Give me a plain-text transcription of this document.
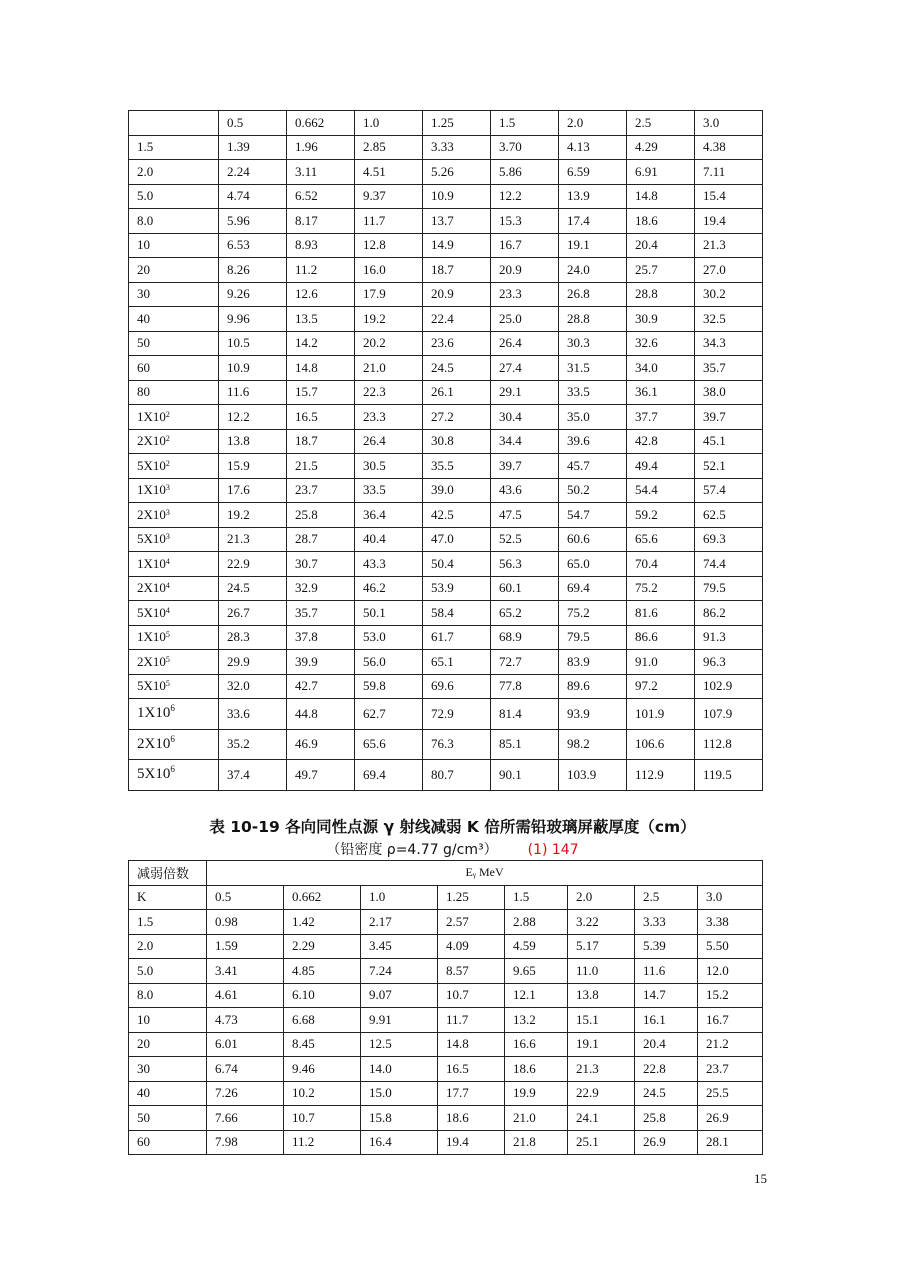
	0.5	0.662	1.0	1.25	1.5	2.0	2.5	3.0
1.5	1.39	1.96	2.85	3.33	3.70	4.13	4.29	4.38
2.0	2.24	3.11	4.51	5.26	5.86	6.59	6.91	7.11
5.0	4.74	6.52	9.37	10.9	12.2	13.9	14.8	15.4
8.0	5.96	8.17	11.7	13.7	15.3	17.4	18.6	19.4
10	6.53	8.93	12.8	14.9	16.7	19.1	20.4	21.3
20	8.26	11.2	16.0	18.7	20.9	24.0	25.7	27.0
30	9.26	12.6	17.9	20.9	23.3	26.8	28.8	30.2
40	9.96	13.5	19.2	22.4	25.0	28.8	30.9	32.5
50	10.5	14.2	20.2	23.6	26.4	30.3	32.6	34.3
60	10.9	14.8	21.0	24.5	27.4	31.5	34.0	35.7
80	11.6	15.7	22.3	26.1	29.1	33.5	36.1	38.0
$1X10^2$	12.2	16.5	23.3	27.2	30.4	35.0	37.7	39.7
$2X10^2$	13.8	18.7	26.4	30.8	34.4	39.6	42.8	45.1
$5X10^2$	15.9	21.5	30.5	35.5	39.7	45.7	49.4	52.1
$1X10^3$	17.6	23.7	33.5	39.0	43.6	50.2	54.4	57.4
$2X10^3$	19.2	25.8	36.4	42.5	47.5	54.7	59.2	62.5
$5X10^3$	21.3	28.7	40.4	47.0	52.5	60.6	65.6	69.3
$1X10^4$	22.9	30.7	43.3	50.4	56.3	65.0	70.4	74.4
$2X10^4$	24.5	32.9	46.2	53.9	60.1	69.4	75.2	79.5
$5X10^4$	26.7	35.7	50.1	58.4	65.2	75.2	81.6	86.2
$1X10^5$	28.3	37.8	53.0	61.7	68.9	79.5	86.6	91.3
$2X10^5$	29.9	39.9	56.0	65.1	72.7	83.9	91.0	96.3
$5X10^5$	32.0	42.7	59.8	69.6	77.8	89.6	97.2	102.9
$1X10^6$	33.6	44.8	62.7	72.9	81.4	93.9	101.9	107.9
$2X10^6$	35.2	46.9	65.6	76.3	85.1	98.2	106.6	112.8
$5X10^6$	37.4	49.7	69.4	80.7	90.1	103.9	112.9	119.5
表 10-19 各向同性点源 γ 射线减弱 K 倍所需铅玻璃屏蔽厚度（cm）
（铅密度 ρ=4.77 g/cm³） (1) 147
减弱倍数	Eᵧ MeV							
K	0.5	0.662	1.0	1.25	1.5	2.0	2.5	3.0
1.5	0.98	1.42	2.17	2.57	2.88	3.22	3.33	3.38
2.0	1.59	2.29	3.45	4.09	4.59	5.17	5.39	5.50
5.0	3.41	4.85	7.24	8.57	9.65	11.0	11.6	12.0
8.0	4.61	6.10	9.07	10.7	12.1	13.8	14.7	15.2
10	4.73	6.68	9.91	11.7	13.2	15.1	16.1	16.7
20	6.01	8.45	12.5	14.8	16.6	19.1	20.4	21.2
30	6.74	9.46	14.0	16.5	18.6	21.3	22.8	23.7
40	7.26	10.2	15.0	17.7	19.9	22.9	24.5	25.5
50	7.66	10.7	15.8	18.6	21.0	24.1	25.8	26.9
60	7.98	11.2	16.4	19.4	21.8	25.1	26.9	28.1
15
